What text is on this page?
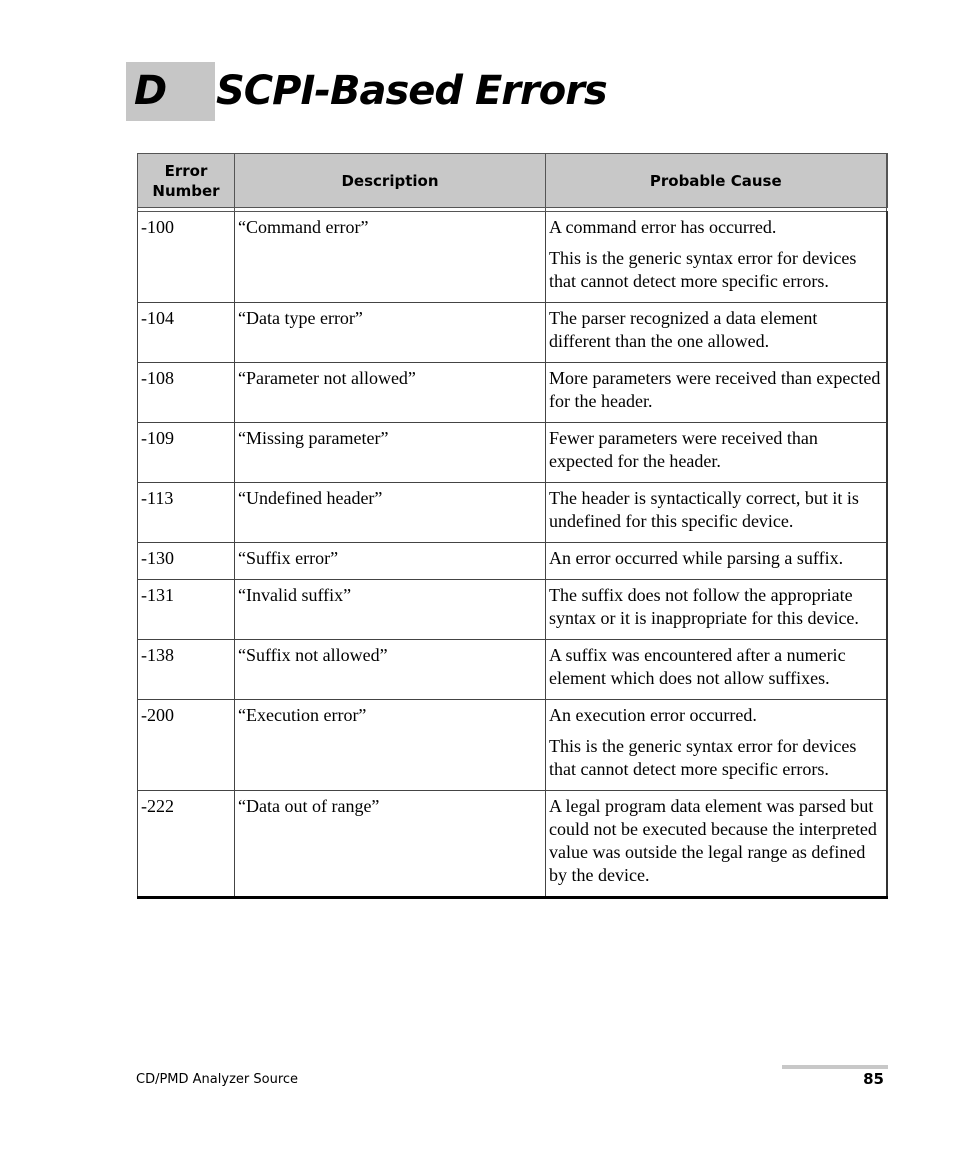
D SCPI-Based Errors
Error
Number	Description	Probable Cause

-100	“Command error”	A command error has occurred.
This is the generic syntax error for devices that cannot detect more specific errors.

-104	“Data type error”	The parser recognized a data element different than the one allowed.

-108	“Parameter not allowed”	More parameters were received than expected for the header.

-109	“Missing parameter”	Fewer parameters were received than expected for the header.

-113	“Undefined header”	The header is syntactically correct, but it is undefined for this specific device.

-130	“Suffix error”	An error occurred while parsing a suffix.

-131	“Invalid suffix”	The suffix does not follow the appropriate syntax or it is inappropriate for this device.

-138	“Suffix not allowed”	A suffix was encountered after a numeric element which does not allow suffixes.

-200	“Execution error”	An execution error occurred.
This is the generic syntax error for devices that cannot detect more specific errors.

-222	“Data out of range”	A legal program data element was parsed but could not be executed because the interpreted value was outside the legal range as defined by the device.
CD/PMD Analyzer Source	85
